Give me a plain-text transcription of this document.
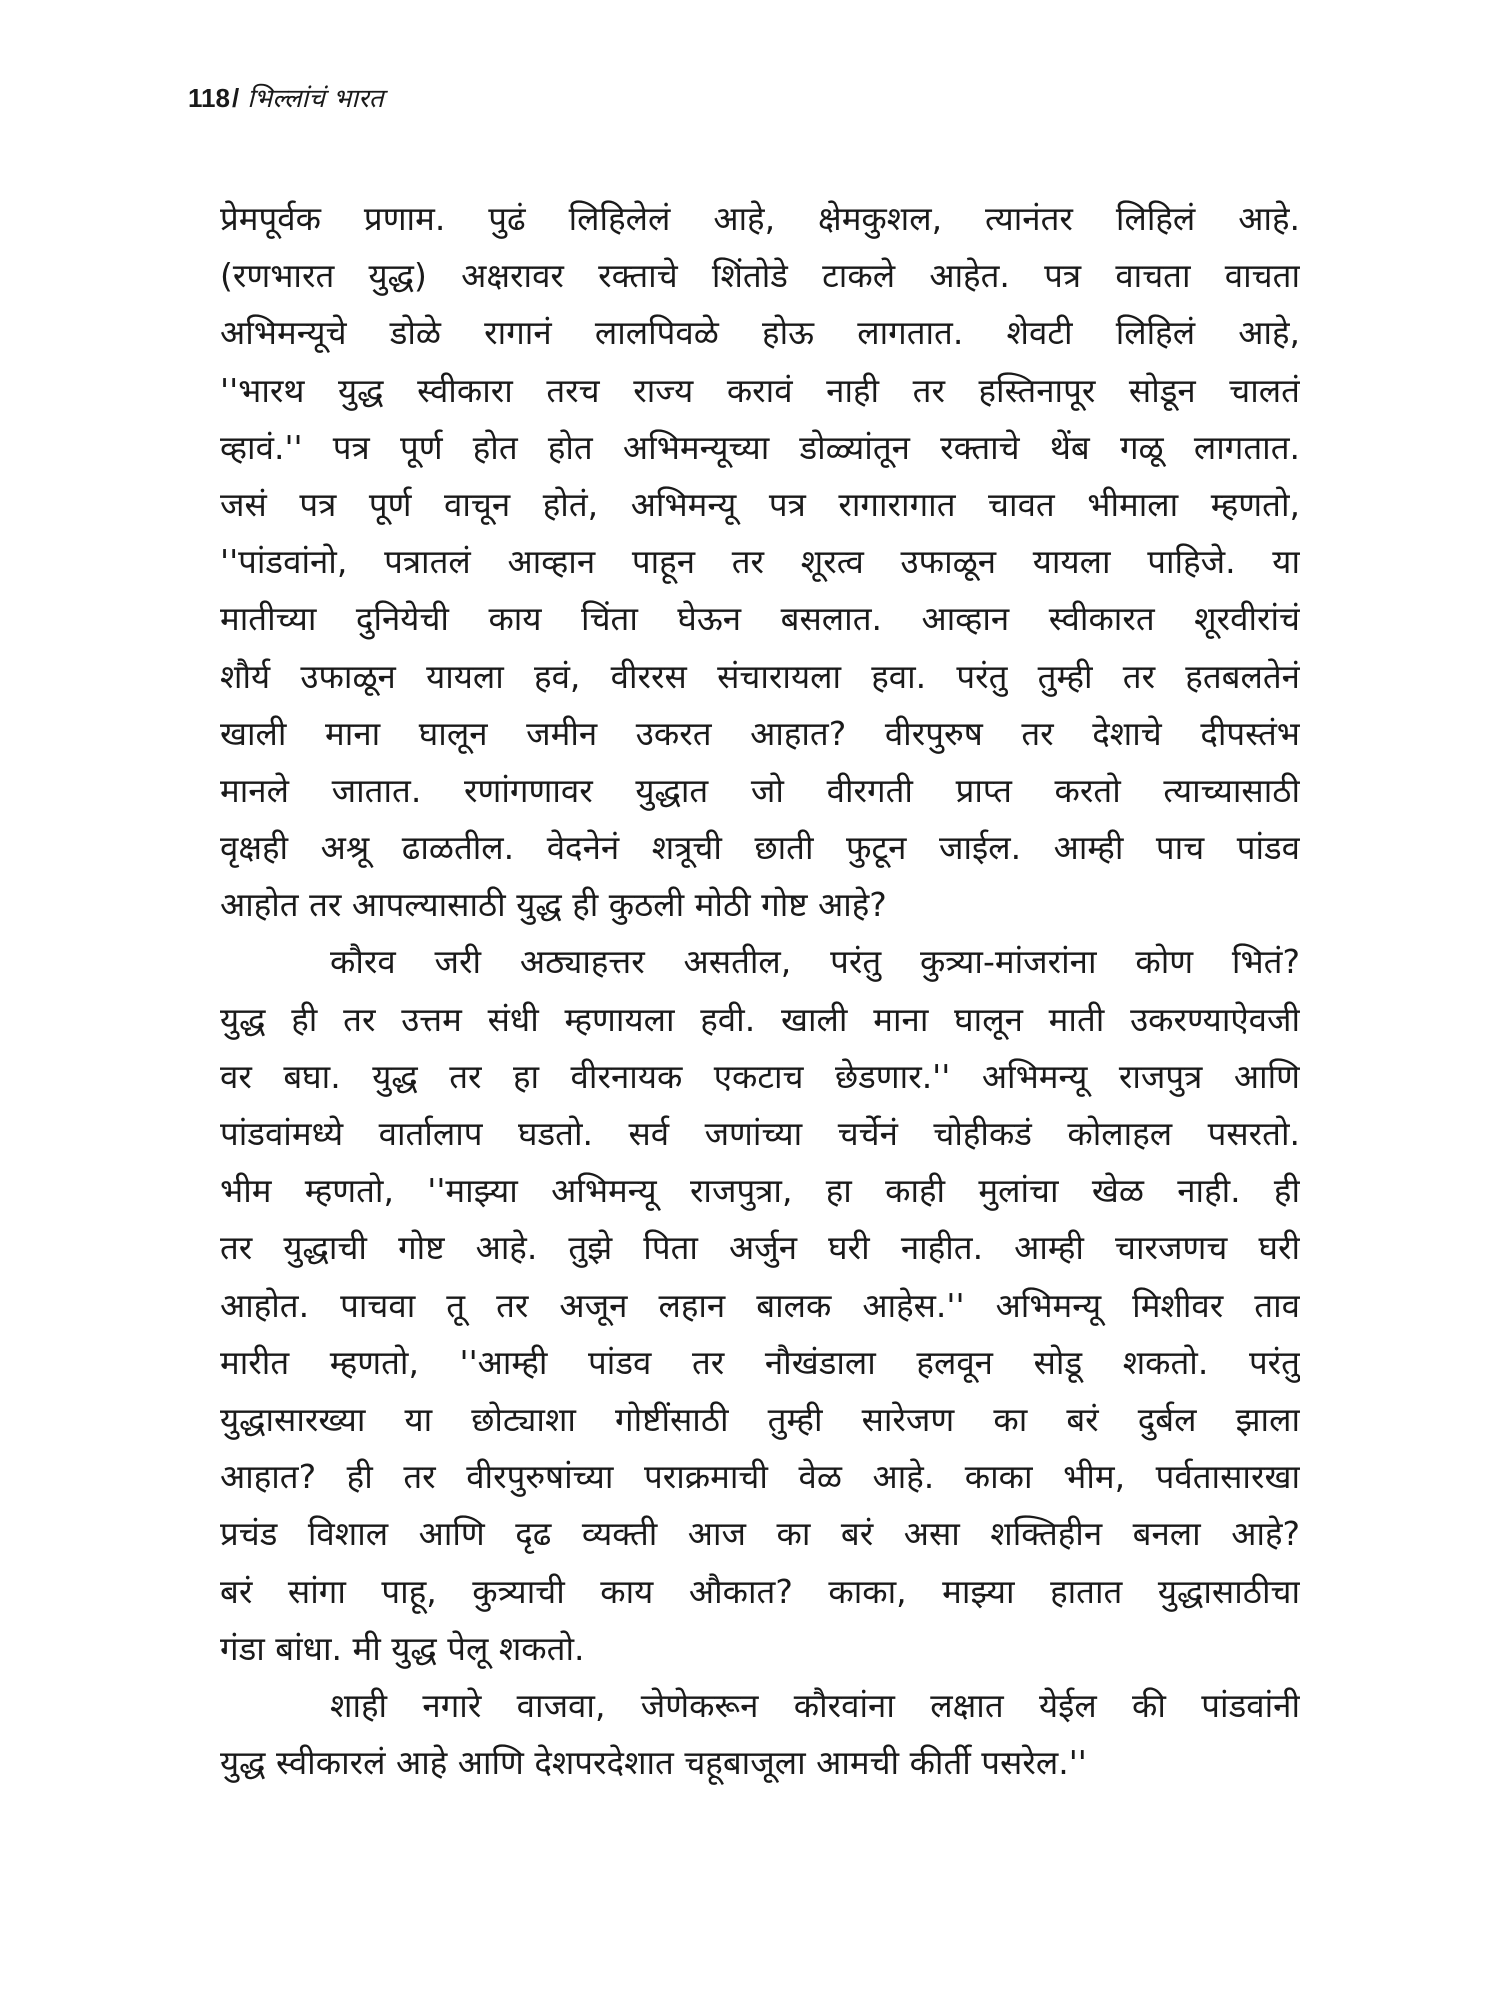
118/ भिल्लांचं भारत
प्रेमपूर्वक प्रणाम. पुढं लिहिलेलं आहे, क्षेमकुशल, त्यानंतर लिहिलं आहे.
(रणभारत युद्ध) अक्षरावर रक्ताचे शिंतोडे टाकले आहेत. पत्र वाचता वाचता
अभिमन्यूचे डोळे रागानं लालपिवळे होऊ लागतात. शेवटी लिहिलं आहे,
''भारथ युद्ध स्वीकारा तरच राज्य करावं नाही तर हस्तिनापूर सोडून चालतं
व्हावं.'' पत्र पूर्ण होत होत अभिमन्यूच्या डोळ्यांतून रक्ताचे थेंब गळू लागतात.
जसं पत्र पूर्ण वाचून होतं, अभिमन्यू पत्र रागारागात चावत भीमाला म्हणतो,
''पांडवांनो, पत्रातलं आव्हान पाहून तर शूरत्व उफाळून यायला पाहिजे. या
मातीच्या दुनियेची काय चिंता घेऊन बसलात. आव्हान स्वीकारत शूरवीरांचं
शौर्य उफाळून यायला हवं, वीररस संचारायला हवा. परंतु तुम्ही तर हतबलतेनं
खाली माना घालून जमीन उकरत आहात? वीरपुरुष तर देशाचे दीपस्तंभ
मानले जातात. रणांगणावर युद्धात जो वीरगती प्राप्त करतो त्याच्यासाठी
वृक्षही अश्रू ढाळतील. वेदनेनं शत्रूची छाती फुटून जाईल. आम्ही पाच पांडव
आहोत तर आपल्यासाठी युद्ध ही कुठली मोठी गोष्ट आहे?
कौरव जरी अठ्याहत्तर असतील, परंतु कुत्र्या-मांजरांना कोण भितं?
युद्ध ही तर उत्तम संधी म्हणायला हवी. खाली माना घालून माती उकरण्याऐवजी
वर बघा. युद्ध तर हा वीरनायक एकटाच छेडणार.'' अभिमन्यू राजपुत्र आणि
पांडवांमध्ये वार्तालाप घडतो. सर्व जणांच्या चर्चेनं चोहीकडं कोलाहल पसरतो.
भीम म्हणतो, ''माझ्या अभिमन्यू राजपुत्रा, हा काही मुलांचा खेळ नाही. ही
तर युद्धाची गोष्ट आहे. तुझे पिता अर्जुन घरी नाहीत. आम्ही चारजणच घरी
आहोत. पाचवा तू तर अजून लहान बालक आहेस.'' अभिमन्यू मिशीवर ताव
मारीत म्हणतो, ''आम्ही पांडव तर नौखंडाला हलवून सोडू शकतो. परंतु
युद्धासारख्या या छोट्याशा गोष्टींसाठी तुम्ही सारेजण का बरं दुर्बल झाला
आहात? ही तर वीरपुरुषांच्या पराक्रमाची वेळ आहे. काका भीम, पर्वतासारखा
प्रचंड विशाल आणि दृढ व्यक्ती आज का बरं असा शक्तिहीन बनला आहे?
बरं सांगा पाहू, कुत्र्याची काय औकात? काका, माझ्या हातात युद्धासाठीचा
गंडा बांधा. मी युद्ध पेलू शकतो.
शाही नगारे वाजवा, जेणेकरून कौरवांना लक्षात येईल की पांडवांनी
युद्ध स्वीकारलं आहे आणि देशपरदेशात चहूबाजूला आमची कीर्ती पसरेल.''
